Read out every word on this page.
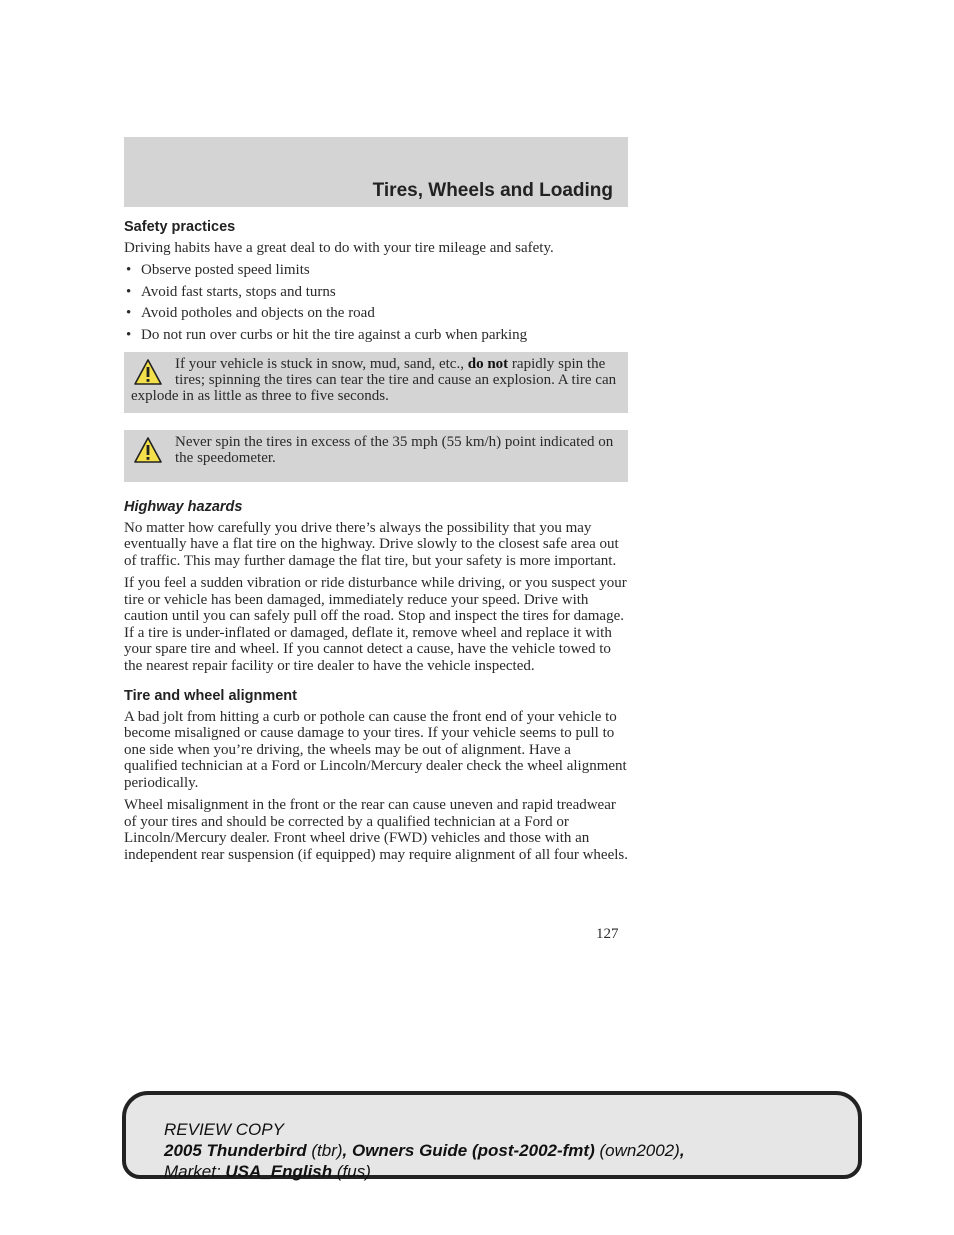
Tires, Wheels and Loading
Safety practices

Driving habits have a great deal to do with your tire mileage and safety.

• Observe posted speed limits
• Avoid fast starts, stops and turns
• Avoid potholes and objects on the road
• Do not run over curbs or hit the tire against a curb when parking
If your vehicle is stuck in snow, mud, sand, etc., do not rapidly spin the tires; spinning the tires can tear the tire and cause an explosion. A tire can explode in as little as three to five seconds.
Never spin the tires in excess of the 35 mph (55 km/h) point indicated on the speedometer.
Highway hazards

No matter how carefully you drive there’s always the possibility that you may eventually have a flat tire on the highway. Drive slowly to the closest safe area out of traffic. This may further damage the flat tire, but your safety is more important.

If you feel a sudden vibration or ride disturbance while driving, or you suspect your tire or vehicle has been damaged, immediately reduce your speed. Drive with caution until you can safely pull off the road. Stop and inspect the tires for damage. If a tire is under-inflated or damaged, deflate it, remove wheel and replace it with your spare tire and wheel. If you cannot detect a cause, have the vehicle towed to the nearest repair facility or tire dealer to have the vehicle inspected.

Tire and wheel alignment

A bad jolt from hitting a curb or pothole can cause the front end of your vehicle to become misaligned or cause damage to your tires. If your vehicle seems to pull to one side when you’re driving, the wheels may be out of alignment. Have a qualified technician at a Ford or Lincoln/Mercury dealer check the wheel alignment periodically.

Wheel misalignment in the front or the rear can cause uneven and rapid treadwear of your tires and should be corrected by a qualified technician at a Ford or Lincoln/Mercury dealer. Front wheel drive (FWD) vehicles and those with an independent rear suspension (if equipped) may require alignment of all four wheels.

127
REVIEW COPY
2005 Thunderbird (tbr), Owners Guide (post-2002-fmt) (own2002),
Market: USA_English (fus)
